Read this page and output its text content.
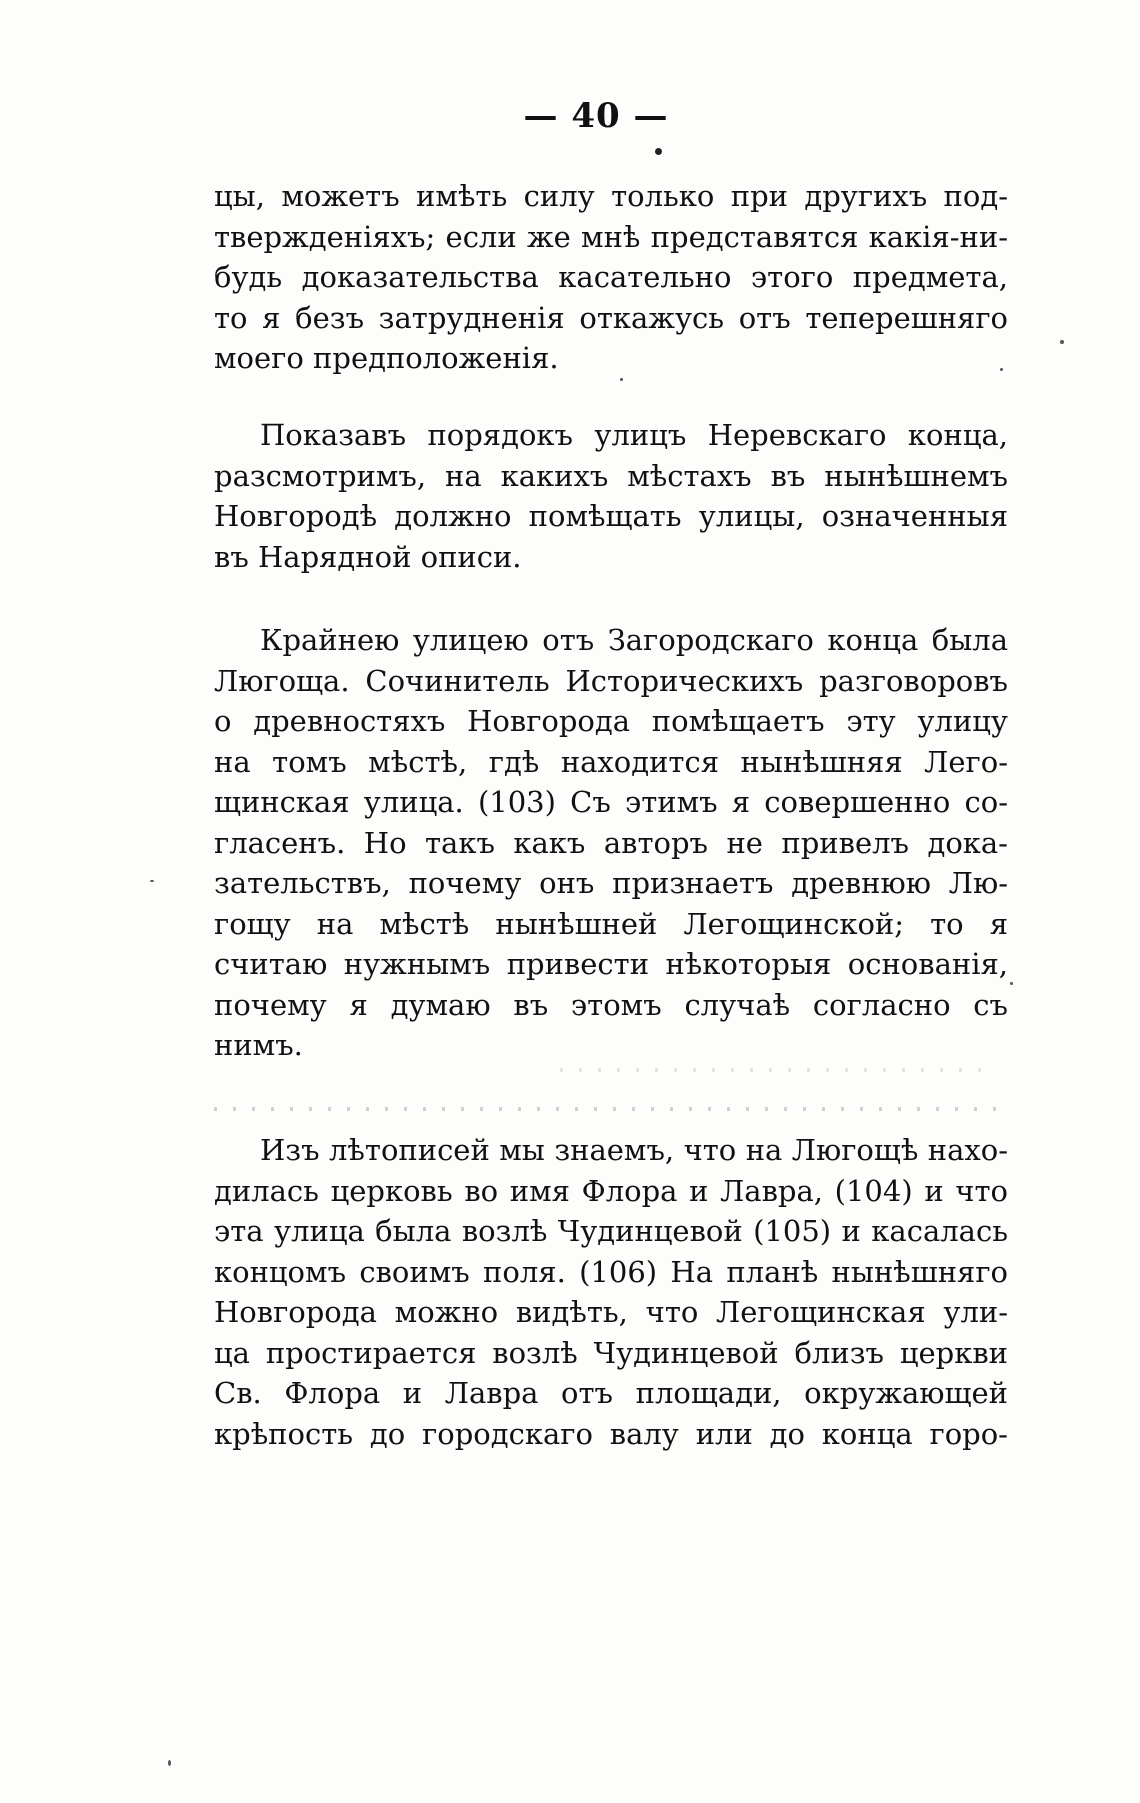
— 40 —
цы, можетъ имѣть силу только при другихъ под-
твержденіяхъ; если же мнѣ представятся какія-ни-
будь доказательства касательно этого предмета,
то я безъ затрудненія откажусь отъ теперешняго
моего предположенія.
Показавъ порядокъ улицъ Неревскаго конца,
разсмотримъ, на какихъ мѣстахъ въ нынѣшнемъ
Новгородѣ должно помѣщать улицы, означенныя
въ Нарядной описи.
Крайнею улицею отъ Загородскаго конца была
Люгоща. Сочинитель Историческихъ разговоровъ
о древностяхъ Новгорода помѣщаетъ эту улицу
на томъ мѣстѣ, гдѣ находится нынѣшняя Лего-
щинская улица. (103) Съ этимъ я совершенно со-
гласенъ. Но такъ какъ авторъ не привелъ дока-
зательствъ, почему онъ признаетъ древнюю Лю-
гощу на мѣстѣ нынѣшней Легощинской; то я
считаю нужнымъ привести нѣкоторыя основанія,
почему я думаю въ этомъ случаѣ согласно съ
нимъ.
Изъ лѣтописей мы знаемъ, что на Люгощѣ нахо-
дилась церковь во имя Флора и Лавра, (104) и что
эта улица была возлѣ Чудинцевой (105) и касалась
концомъ своимъ поля. (106) На планѣ нынѣшняго
Новгорода можно видѣть, что Легощинская ули-
ца простирается возлѣ Чудинцевой близъ церкви
Св. Флора и Лавра отъ площади, окружающей
крѣпость до городскаго валу или до конца горо-
